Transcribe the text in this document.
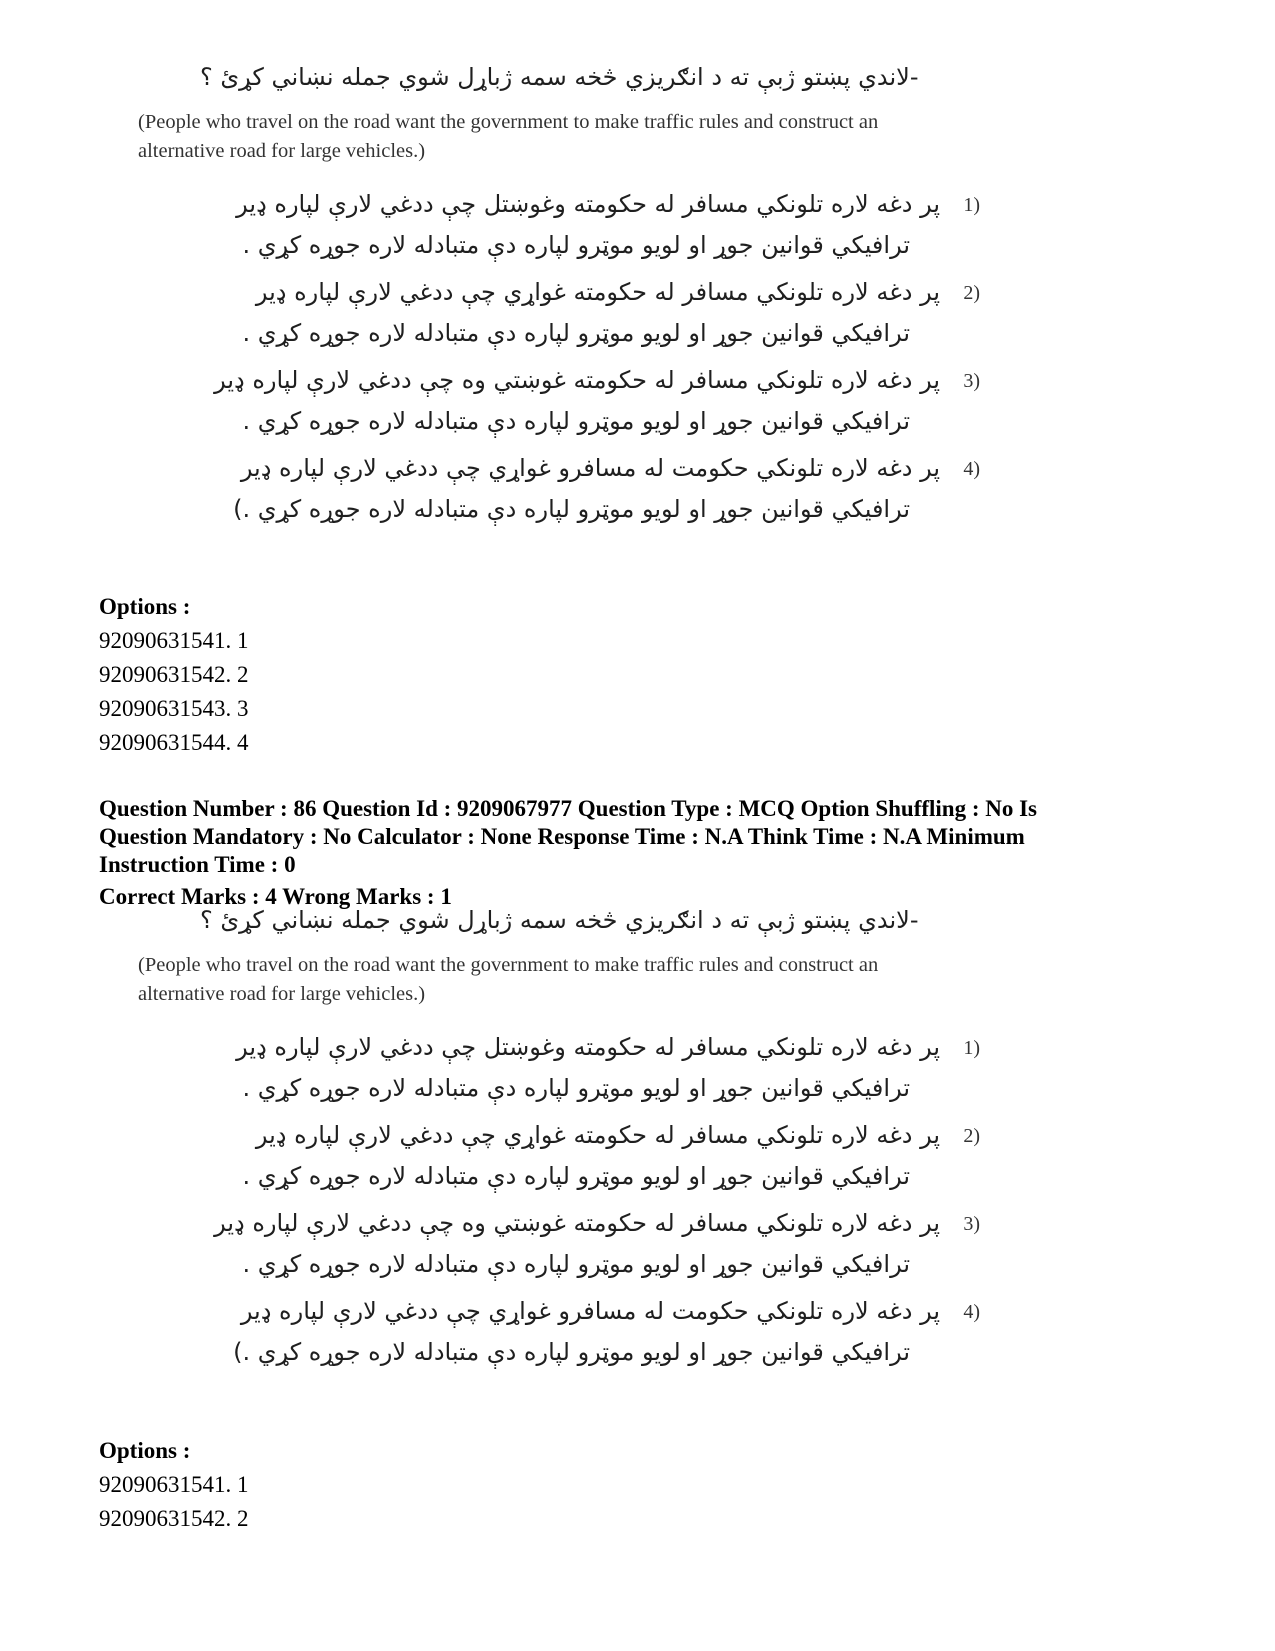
-لاندي پښتو ژبې ته د انګریزي څخه سمه ژباړل شوي جمله نښاني کړئ ؟

(People who travel on the road want the government to make traffic rules and construct an alternative road for large vehicles.)
1)
پر دغه لاره تلونکي مسافر له حکومته وغوښتل چې ددغي لارې لپاره ډير
ترافيکي قوانين جوړ او لويو موټرو لپاره دې متبادله لاره جوړه کړي .
2)
پر دغه لاره تلونکي مسافر له حکومته غواړي چې ددغي لارې لپاره ډير
ترافيکي قوانين جوړ او لويو موټرو لپاره دې متبادله لاره جوړه کړي .
3)
پر دغه لاره تلونکي مسافر له حکومته غوښتي وه چې ددغي لارې لپاره ډير
ترافيکي قوانين جوړ او لويو موټرو لپاره دې متبادله لاره جوړه کړي .
4)
پر دغه لاره تلونکي حکومت له مسافرو غواړي چې ددغي لارې لپاره ډير
ترافيکي قوانين جوړ او لويو موټرو لپاره دې متبادله لاره جوړه کړي .)
Options :
92090631541. 1
92090631542. 2
92090631543. 3
92090631544. 4
Question Number : 86 Question Id : 9209067977 Question Type : MCQ Option Shuffling : No Is
Question Mandatory : No Calculator : None Response Time : N.A Think Time : N.A Minimum
Instruction Time : 0
Correct Marks : 4 Wrong Marks : 1

-لاندي پښتو ژبې ته د انګریزي څخه سمه ژباړل شوي جمله نښاني کړئ ؟

(People who travel on the road want the government to make traffic rules and construct an alternative road for large vehicles.)
1)
پر دغه لاره تلونکي مسافر له حکومته وغوښتل چې ددغي لارې لپاره ډير
ترافيکي قوانين جوړ او لويو موټرو لپاره دې متبادله لاره جوړه کړي .
2)
پر دغه لاره تلونکي مسافر له حکومته غواړي چې ددغي لارې لپاره ډير
ترافيکي قوانين جوړ او لويو موټرو لپاره دې متبادله لاره جوړه کړي .
3)
پر دغه لاره تلونکي مسافر له حکومته غوښتي وه چې ددغي لارې لپاره ډير
ترافيکي قوانين جوړ او لويو موټرو لپاره دې متبادله لاره جوړه کړي .
4)
پر دغه لاره تلونکي حکومت له مسافرو غواړي چې ددغي لارې لپاره ډير
ترافيکي قوانين جوړ او لويو موټرو لپاره دې متبادله لاره جوړه کړي .)
Options :
92090631541. 1
92090631542. 2
